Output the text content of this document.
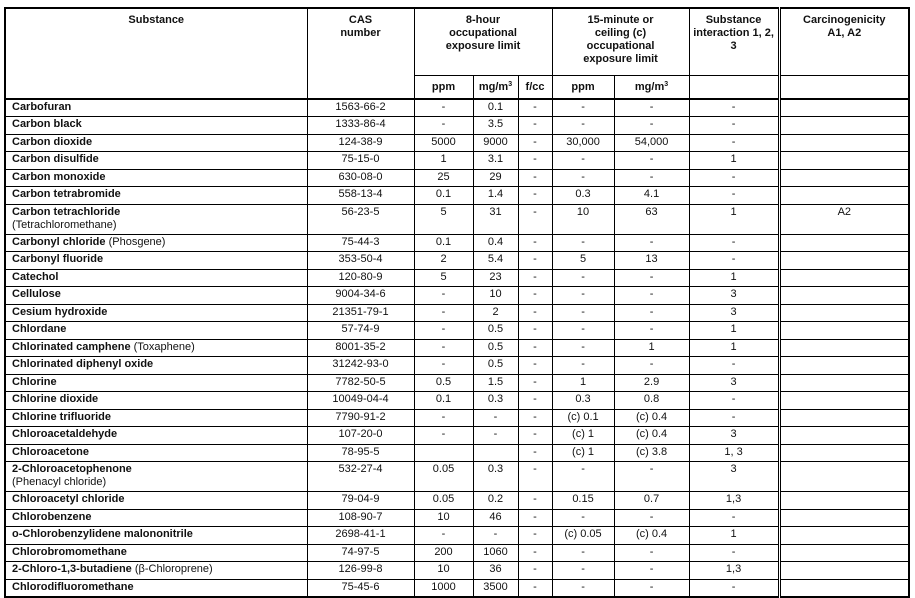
Substance	CAS number	8-hour occupational exposure limit			15-minute or ceiling (c) occupational exposure limit		Substance interaction 1, 2, 3	Carcinogenicity A1, A2

		ppm	$mg/m^3$	f/cc	ppm	$mg/m^3$		
Carbofuran	1563-66-2	-	0.1	-	-	-	-	
Carbon black	1333-86-4	-	3.5	-	-	-	-	
Carbon dioxide	124-38-9	5000	9000	-	30,000	54,000	-	
Carbon disulfide	75-15-0	1	3.1	-	-	-	1	
Carbon monoxide	630-08-0	25	29	-	-	-	-	
Carbon tetrabromide	558-13-4	0.1	1.4	-	0.3	4.1	-	
Carbon tetrachloride
(Tetrachloromethane)	56-23-5	5	31	-	10	63	1	A2
Carbonyl chloride (Phosgene)	75-44-3	0.1	0.4	-	-	-	-	
Carbonyl fluoride	353-50-4	2	5.4	-	5	13	-	
Catechol	120-80-9	5	23	-	-	-	1	
Cellulose	9004-34-6	-	10	-	-	-	3	
Cesium hydroxide	21351-79-1	-	2	-	-	-	3	
Chlordane	57-74-9	-	0.5	-	-	-	1	
Chlorinated camphene (Toxaphene)	8001-35-2	-	0.5	-	-	1	1	
Chlorinated diphenyl oxide	31242-93-0	-	0.5	-	-	-	-	
Chlorine	7782-50-5	0.5	1.5	-	1	2.9	3	
Chlorine dioxide	10049-04-4	0.1	0.3	-	0.3	0.8	-	
Chlorine trifluoride	7790-91-2	-	-	-	(c) 0.1	(c) 0.4	-	
Chloroacetaldehyde	107-20-0	-	-	-	(c) 1	(c) 0.4	3	
Chloroacetone	78-95-5			-	(c) 1	(c) 3.8	1, 3	
2-Chloroacetophenone
(Phenacyl chloride)	532-27-4	0.05	0.3	-	-	-	3	
Chloroacetyl chloride	79-04-9	0.05	0.2	-	0.15	0.7	1,3	
Chlorobenzene	108-90-7	10	46	-	-	-	-	
o-Chlorobenzylidene malononitrile	2698-41-1	-	-	-	(c) 0.05	(c) 0.4	1	
Chlorobromomethane	74-97-5	200	1060	-	-	-	-	
2-Chloro-1,3-butadiene (β-Chloroprene)	126-99-8	10	36	-	-	-	1,3	
Chlorodifluoromethane	75-45-6	1000	3500	-	-	-	-	
